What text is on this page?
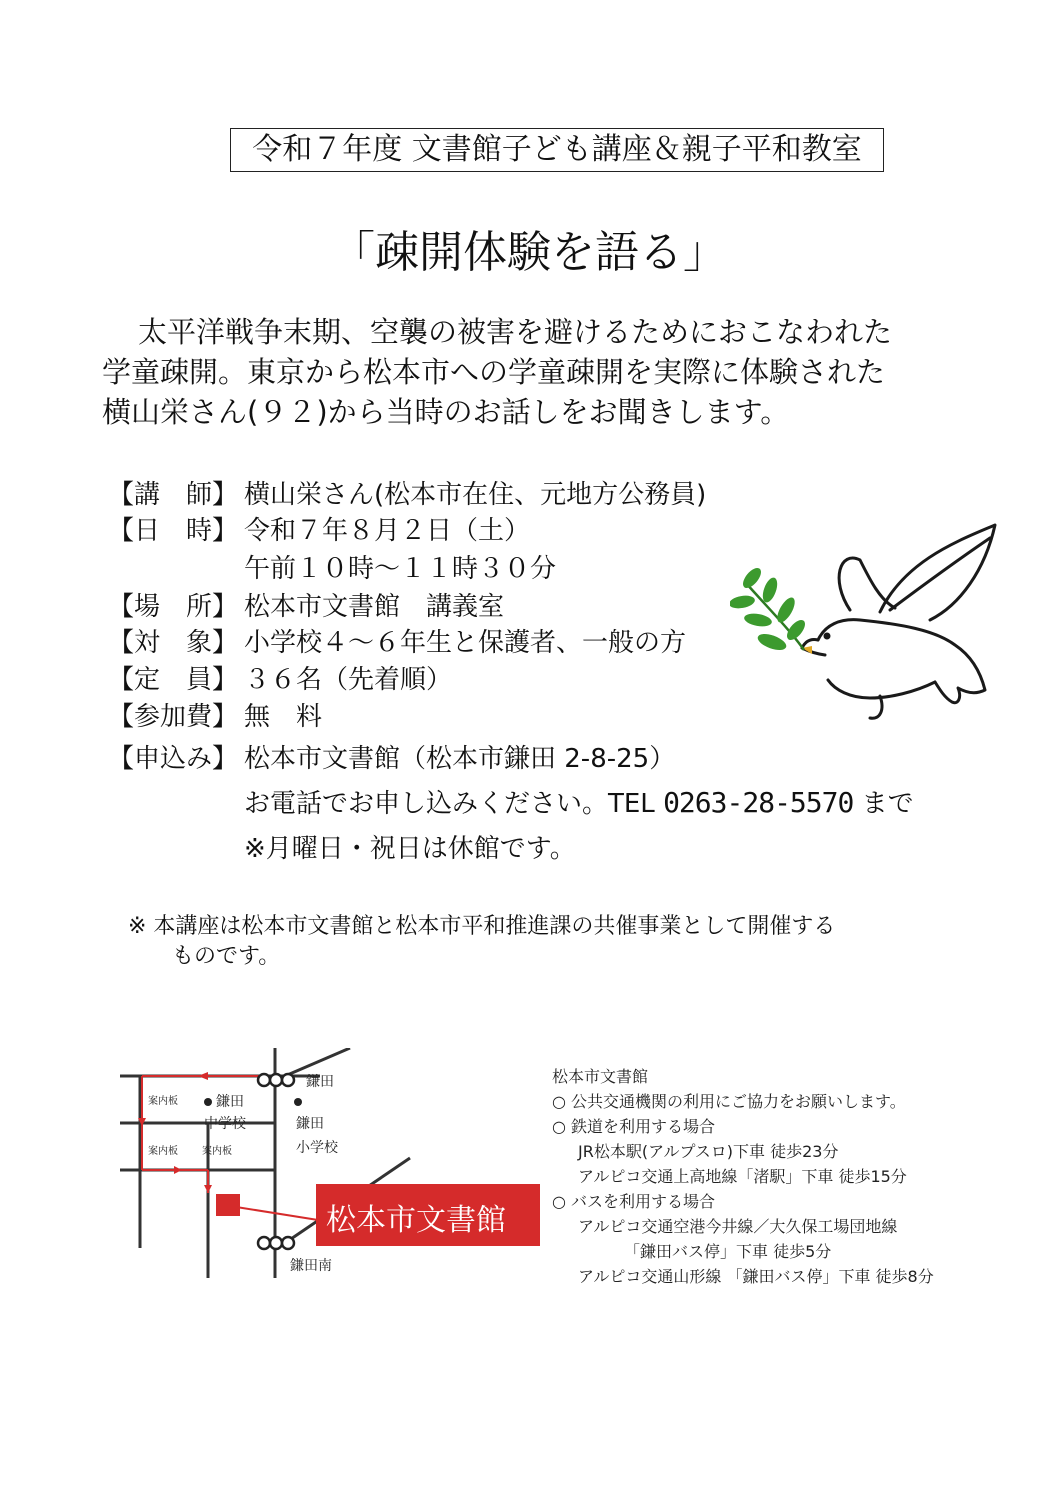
令和７年度 文書館子ども講座＆親子平和教室
「疎開体験を語る」
太平洋戦争末期、空襲の被害を避けるためにおこなわれた
学童疎開。東京から松本市への学童疎開を実際に体験された
横山栄さん(９２)から当時のお話しをお聞きします。
【講　師】 横山栄さん(松本市在住、元地方公務員)
【日　時】 令和７年８月２日（土）
午前１０時～１１時３０分
【場　所】 松本市文書館　講義室
【対　象】 小学校４～６年生と保護者、一般の方
【定　員】 ３６名（先着順）
【参加費】 無　料
【申込み】 松本市文書館（松本市鎌田 2-8-25）
お電話でお申し込みください。TEL 0263-28-5570 まで
※月曜日・祝日は休館です。
※ 本講座は松本市文書館と松本市平和推進課の共催事業として開催する
ものです。
鎌田
鎌田南
鎌田
中学校	鎌田
小学校
案内板
案内板 案内板
松本市文書館
松本市文書館
○ 公共交通機関の利用にご協力をお願いします。
○ 鉄道を利用する場合
JR松本駅(アルプスロ)下車 徒歩23分
アルピコ交通上高地線「渚駅」下車 徒歩15分
○ バスを利用する場合
アルピコ交通空港今井線／大久保工場団地線
「鎌田バス停」下車 徒歩5分
アルピコ交通山形線 「鎌田バス停」下車 徒歩8分
